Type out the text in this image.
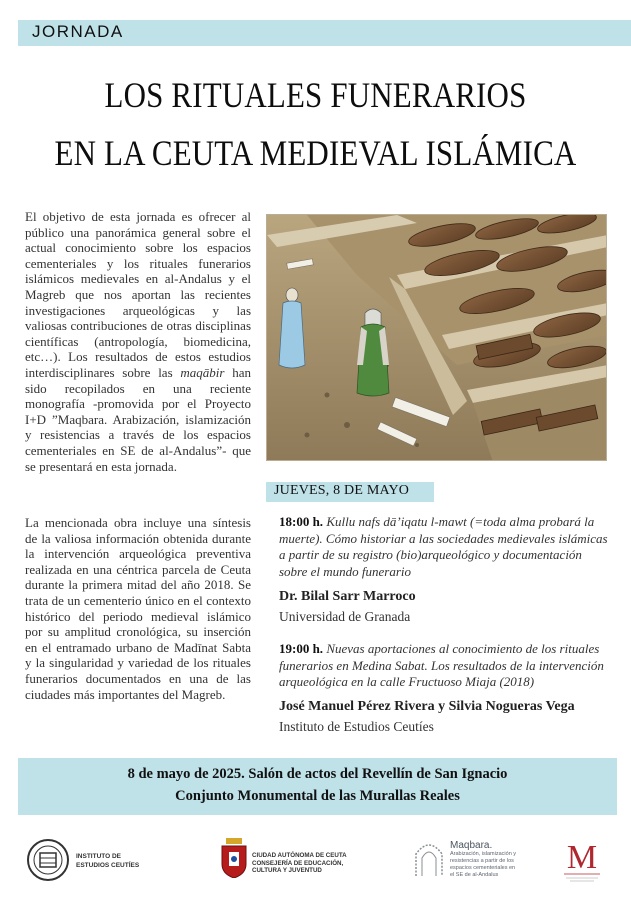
JORNADA
LOS RITUALES FUNERARIOS
EN LA CEUTA MEDIEVAL ISLÁMICA
El objetivo de esta jornada es ofrecer al público una panorámica general sobre el actual conocimiento sobre los espacios cementeriales y los rituales funerarios islámicos medievales en al-Andalus y el Magreb que nos aportan las recientes investigaciones arqueológicas y las valiosas contribuciones de otras disciplinas científicas (antropología, biomedicina, etc…). Los resultados de estos estudios interdisciplinares sobre las maqābir han sido recopilados en una reciente monografía -promovida por el Proyecto I+D ”Maqbara. Arabización, islamización y resistencias a través de los espacios cementeriales en SE de al-Andalus”- que se presentará en esta jornada.
La mencionada obra incluye una síntesis de la valiosa información obtenida durante la intervención arqueológica preventiva realizada en una céntrica parcela de Ceuta durante la primera mitad del año 2018. Se trata de un cementerio único en el contexto histórico del periodo medieval islámico por su amplitud cronológica, su inserción en el entramado urbano de Madīnat Sabta y la singularidad y variedad de los rituales funerarios documentados en una de las ciudades más importantes del Magreb.
JUEVES, 8 DE MAYO
18:00 h. Kullu nafs dā’iqatu l-mawt (=toda alma probará la muerte). Cómo historiar a las sociedades medievales islámicas a partir de su registro (bio)arqueológico y documentación sobre el mundo funerario
Dr. Bilal Sarr Marroco
Universidad de Granada
19:00 h. Nuevas aportaciones al conocimiento de los rituales funerarios en Medina Sabat. Los resultados de la intervención arqueológica en la calle Fructuoso Miaja (2018)
José Manuel Pérez Rivera y Silvia Nogueras Vega
Instituto de Estudios Ceutíes
8 de mayo de 2025. Salón de actos del Revellín de San Ignacio
Conjunto Monumental de las Murallas Reales
INSTITUTO DE
ESTUDIOS CEUTÍES
CIUDAD AUTÓNOMA DE CEUTA
CONSEJERÍA DE EDUCACIÓN,
CULTURA Y JUVENTUD
Maqbara.
Arabización, islamización y
resistencias a partir de los
espacios cementeriales en
el SE de al-Andalus	M
